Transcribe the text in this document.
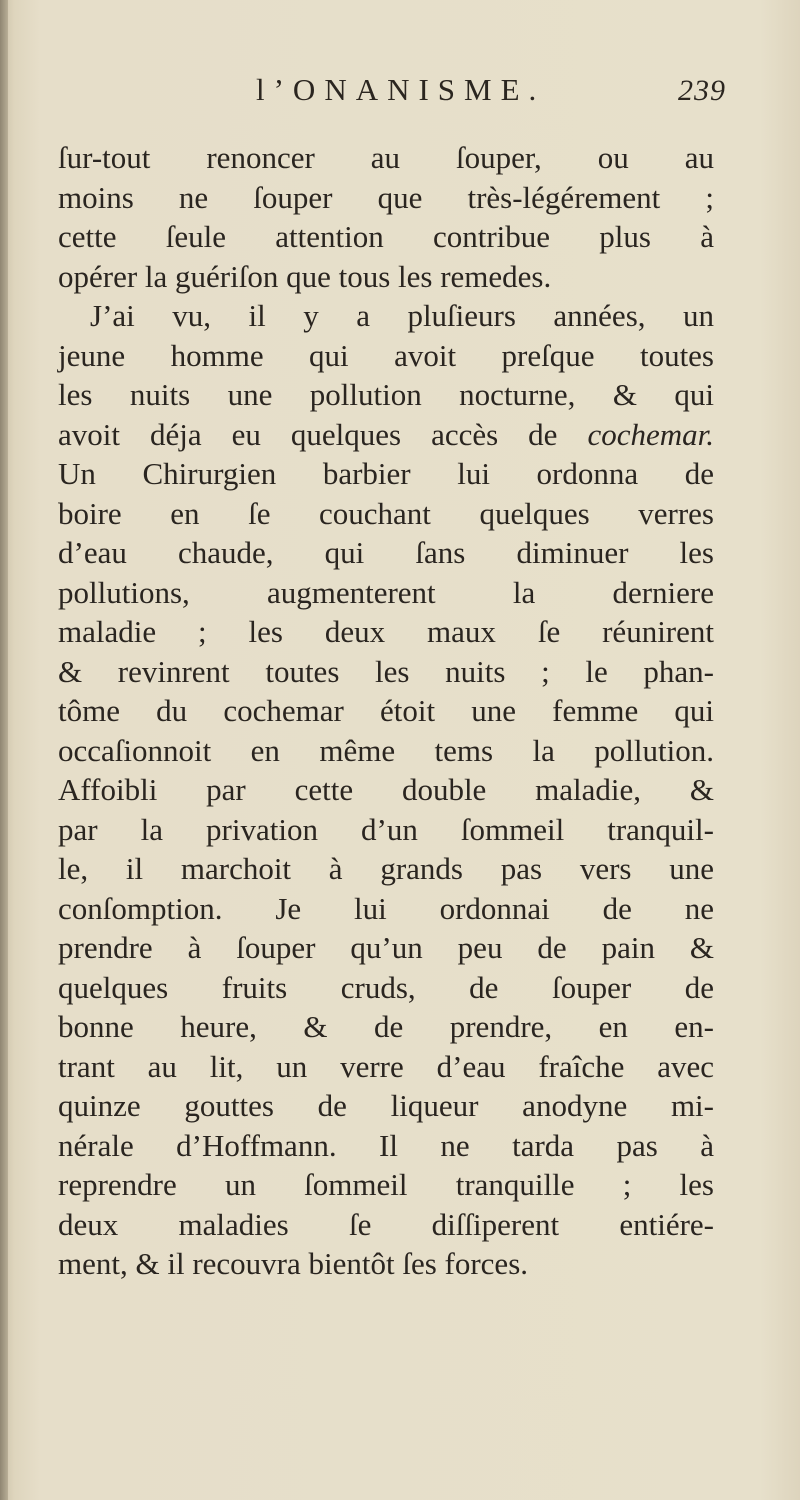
l’ONANISME.	239
ſur-tout renoncer au ſouper, ou au
moins ne ſouper que très-légérement ;
cette ſeule attention contribue plus à
opérer la guériſon que tous les remedes.
J’ai vu, il y a pluſieurs années, un
jeune homme qui avoit preſque toutes
les nuits une pollution nocturne, & qui
avoit déja eu quelques accès de cochemar.
Un Chirurgien barbier lui ordonna de
boire en ſe couchant quelques verres
d’eau chaude, qui ſans diminuer les
pollutions, augmenterent la derniere
maladie ; les deux maux ſe réunirent
& revinrent toutes les nuits ; le phan-
tôme du cochemar étoit une femme qui
occaſionnoit en même tems la pollution.
Affoibli par cette double maladie, &
par la privation d’un ſommeil tranquil-
le, il marchoit à grands pas vers une
conſomption. Je lui ordonnai de ne
prendre à ſouper qu’un peu de pain &
quelques fruits cruds, de ſouper de
bonne heure, & de prendre, en en-
trant au lit, un verre d’eau fraîche avec
quinze gouttes de liqueur anodyne mi-
nérale d’Hoffmann. Il ne tarda pas à
reprendre un ſommeil tranquille ; les
deux maladies ſe diſſiperent entiére-
ment, & il recouvra bientôt ſes forces.
